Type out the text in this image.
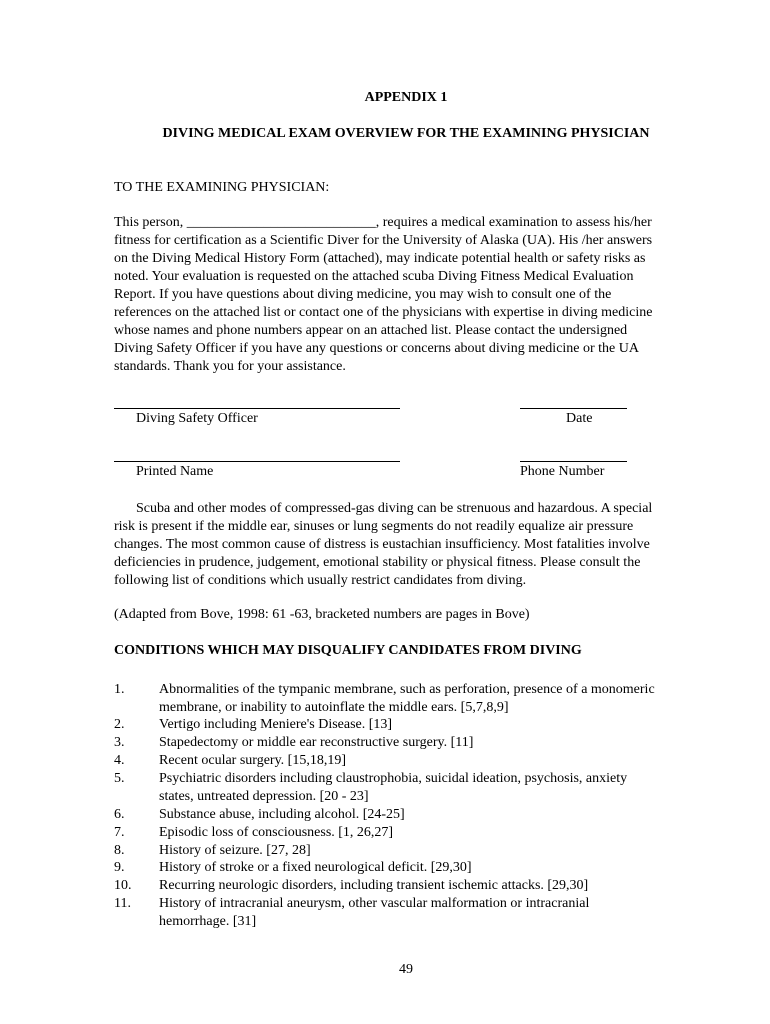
APPENDIX 1
DIVING MEDICAL EXAM OVERVIEW FOR THE EXAMINING PHYSICIAN
TO THE EXAMINING PHYSICIAN:
This person, ___________________________, requires a medical examination to assess his/her
fitness for certification as a Scientific Diver for the University of Alaska (UA). His /her answers
on the Diving Medical History Form (attached), may indicate potential health or safety risks as
noted. Your evaluation is requested on the attached scuba Diving Fitness Medical Evaluation
Report. If you have questions about diving medicine, you may wish to consult one of the
references on the attached list or contact one of the physicians with expertise in diving medicine
whose names and phone numbers appear on an attached list. Please contact the undersigned
Diving Safety Officer if you have any questions or concerns about diving medicine or the UA
standards. Thank you for your assistance.
Diving Safety Officer	Date
Printed Name	Phone Number
Scuba and other modes of compressed-gas diving can be strenuous and hazardous. A special
risk is present if the middle ear, sinuses or lung segments do not readily equalize air pressure
changes. The most common cause of distress is eustachian insufficiency. Most fatalities involve
deficiencies in prudence, judgement, emotional stability or physical fitness. Please consult the
following list of conditions which usually restrict candidates from diving.
(Adapted from Bove, 1998: 61 -63, bracketed numbers are pages in Bove)
CONDITIONS WHICH MAY DISQUALIFY CANDIDATES FROM DIVING
1.	Abnormalities of the tympanic membrane, such as perforation, presence of a monomeric
membrane, or inability to autoinflate the middle ears. [5,7,8,9]
2.	Vertigo including Meniere's Disease. [13]
3.	Stapedectomy or middle ear reconstructive surgery. [11]
4.	Recent ocular surgery. [15,18,19]
5.	Psychiatric disorders including claustrophobia, suicidal ideation, psychosis, anxiety
states, untreated depression. [20 - 23]
6.	Substance abuse, including alcohol. [24-25]
7.	Episodic loss of consciousness. [1, 26,27]
8.	History of seizure. [27, 28]
9.	History of stroke or a fixed neurological deficit. [29,30]
10.	Recurring neurologic disorders, including transient ischemic attacks. [29,30]
11.	History of intracranial aneurysm, other vascular malformation or intracranial
hemorrhage. [31]
49
